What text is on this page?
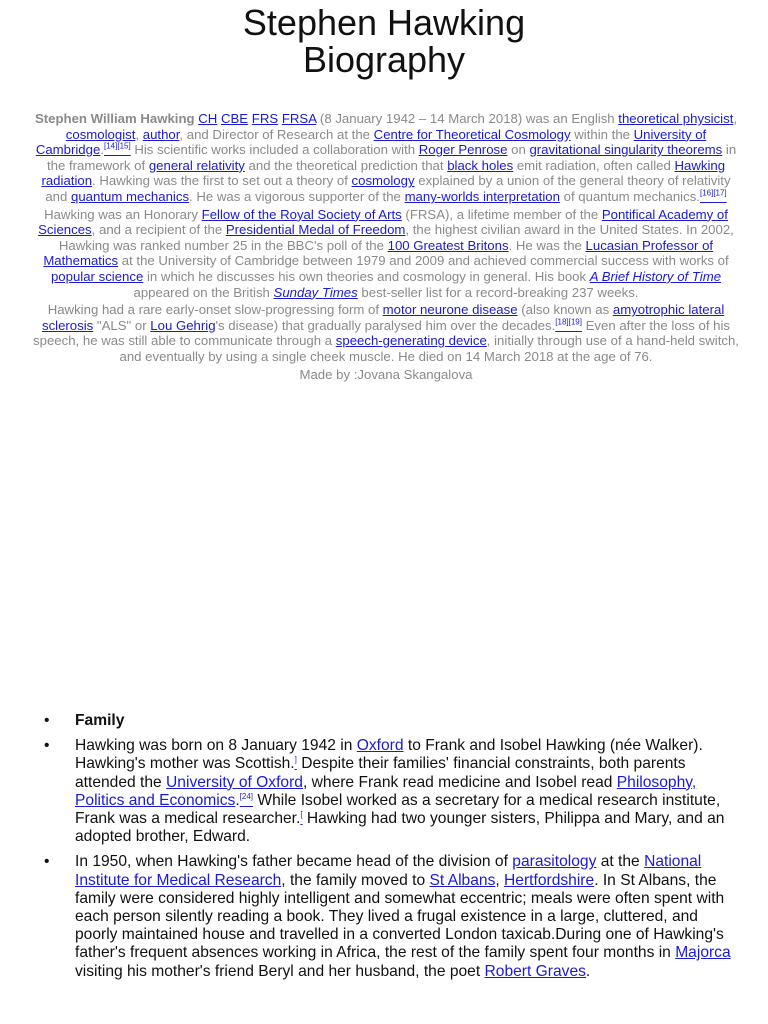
Stephen Hawking
Biography

Stephen William Hawking CH CBE FRS FRSA (8 January 1942 – 14 March 2018) was an English theoretical physicist, cosmologist, author, and Director of Research at the Centre for Theoretical Cosmology within the University of Cambridge.[14][15] His scientific works included a collaboration with Roger Penrose on gravitational singularity theorems in the framework of general relativity and the theoretical prediction that black holes emit radiation, often called Hawking radiation. Hawking was the first to set out a theory of cosmology explained by a union of the general theory of relativity and quantum mechanics. He was a vigorous supporter of the many-worlds interpretation of quantum mechanics.[16][17]

Hawking was an Honorary Fellow of the Royal Society of Arts (FRSA), a lifetime member of the Pontifical Academy of Sciences, and a recipient of the Presidential Medal of Freedom, the highest civilian award in the United States. In 2002, Hawking was ranked number 25 in the BBC's poll of the 100 Greatest Britons. He was the Lucasian Professor of Mathematics at the University of Cambridge between 1979 and 2009 and achieved commercial success with works of popular science in which he discusses his own theories and cosmology in general. His book A Brief History of Time appeared on the British Sunday Times best-seller list for a record-breaking 237 weeks.

Hawking had a rare early-onset slow-progressing form of motor neurone disease (also known as amyotrophic lateral sclerosis "ALS" or Lou Gehrig's disease) that gradually paralysed him over the decades.[18][19] Even after the loss of his speech, he was still able to communicate through a speech-generating device, initially through use of a hand-held switch, and eventually by using a single cheek muscle. He died on 14 March 2018 at the age of 76.

Made by :Jovana Skangalova

• Family
• Hawking was born on 8 January 1942 in Oxford to Frank and Isobel Hawking (née Walker). Hawking's mother was Scottish.] Despite their families' financial constraints, both parents attended the University of Oxford, where Frank read medicine and Isobel read Philosophy, Politics and Economics.[24] While Isobel worked as a secretary for a medical research institute, Frank was a medical researcher.[ Hawking had two younger sisters, Philippa and Mary, and an adopted brother, Edward.
• In 1950, when Hawking's father became head of the division of parasitology at the National Institute for Medical Research, the family moved to St Albans, Hertfordshire. In St Albans, the family were considered highly intelligent and somewhat eccentric; meals were often spent with each person silently reading a book. They lived a frugal existence in a large, cluttered, and poorly maintained house and travelled in a converted London taxicab.During one of Hawking's father's frequent absences working in Africa, the rest of the family spent four months in Majorca visiting his mother's friend Beryl and her husband, the poet Robert Graves.
